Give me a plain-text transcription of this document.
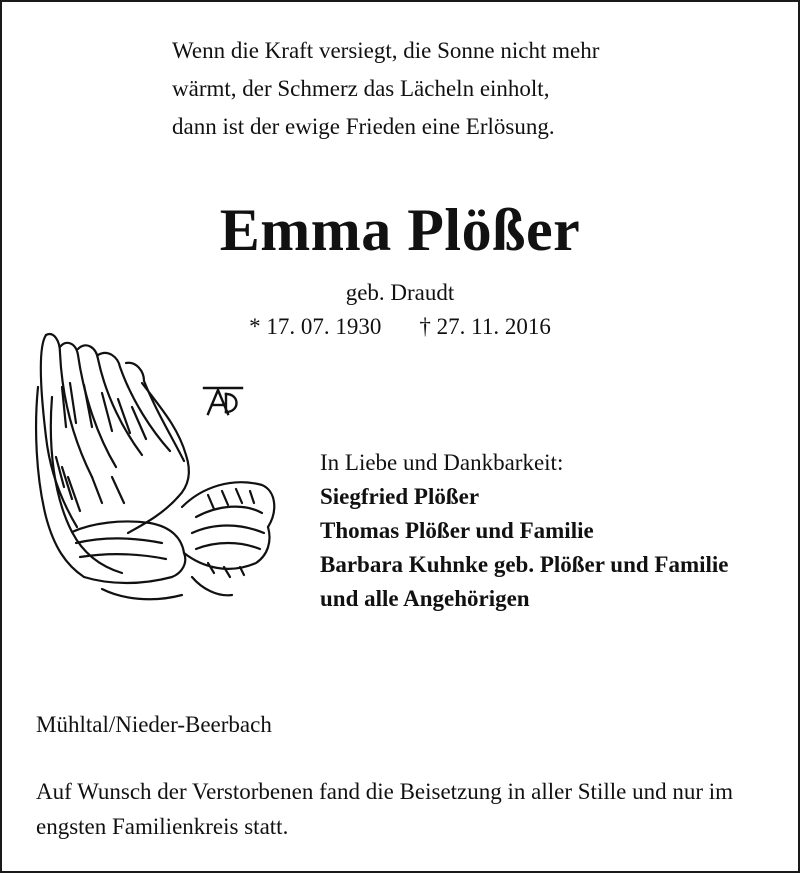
Wenn die Kraft versiegt, die Sonne nicht mehr
wärmt, der Schmerz das Lächeln einholt,
dann ist der ewige Frieden eine Erlösung.
Emma Plößer
geb. Draudt
* 17. 07. 1930 † 27. 11. 2016
In Liebe und Dankbarkeit:
Siegfried Plößer
Thomas Plößer und Familie
Barbara Kuhnke geb. Plößer und Familie
und alle Angehörigen
Mühltal/Nieder-Beerbach
Auf Wunsch der Verstorbenen fand die Beisetzung in aller Stille und nur im engsten Familienkreis statt.
